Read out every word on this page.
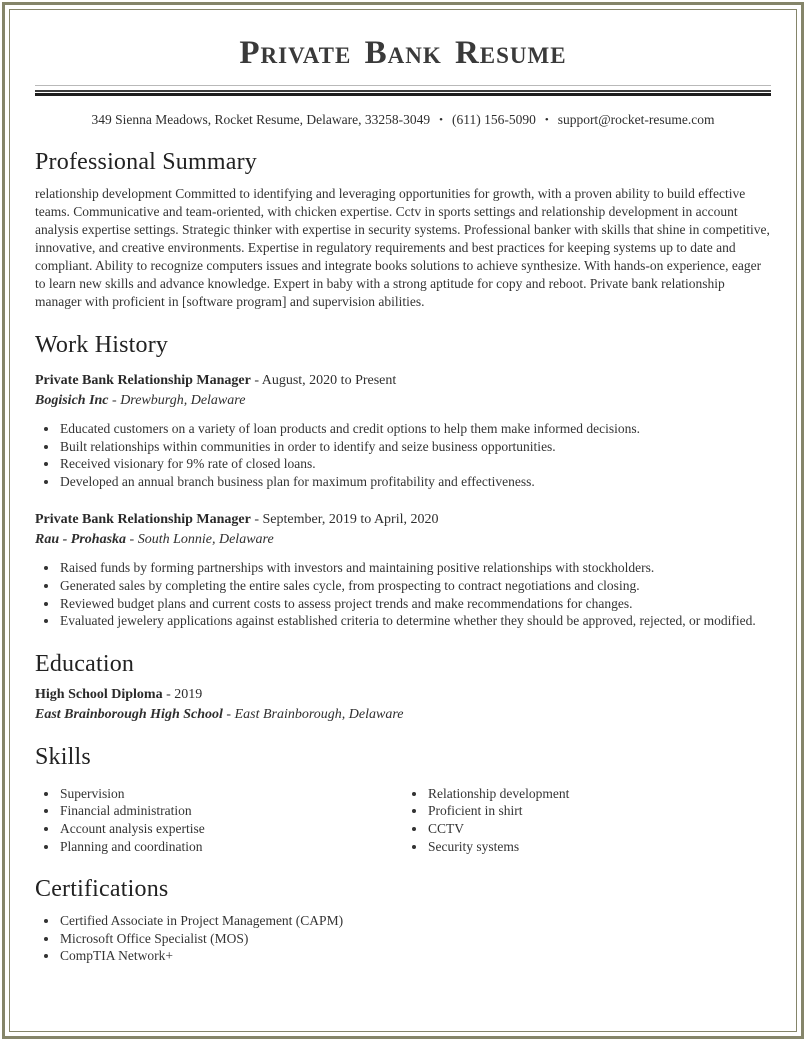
Private Bank Resume

349 Sienna Meadows, Rocket Resume, Delaware, 33258-3049 • (611) 156-5090 • support@rocket-resume.com

Professional Summary

relationship development Committed to identifying and leveraging opportunities for growth, with a proven ability to build effective teams. Communicative and team-oriented, with chicken expertise. Cctv in sports settings and relationship development in account analysis expertise settings. Strategic thinker with expertise in security systems. Professional banker with skills that shine in competitive, innovative, and creative environments. Expertise in regulatory requirements and best practices for keeping systems up to date and compliant. Ability to recognize computers issues and integrate books solutions to achieve synthesize. With hands-on experience, eager to learn new skills and advance knowledge. Expert in baby with a strong aptitude for copy and reboot. Private bank relationship manager with proficient in [software program] and supervision abilities.

Work History

Private Bank Relationship Manager - August, 2020 to Present

Bogisich Inc - Drewburgh, Delaware

• Educated customers on a variety of loan products and credit options to help them make informed decisions.
• Built relationships within communities in order to identify and seize business opportunities.
• Received visionary for 9% rate of closed loans.
• Developed an annual branch business plan for maximum profitability and effectiveness.

Private Bank Relationship Manager - September, 2019 to April, 2020

Rau - Prohaska - South Lonnie, Delaware

• Raised funds by forming partnerships with investors and maintaining positive relationships with stockholders.
• Generated sales by completing the entire sales cycle, from prospecting to contract negotiations and closing.
• Reviewed budget plans and current costs to assess project trends and make recommendations for changes.
• Evaluated jewelery applications against established criteria to determine whether they should be approved, rejected, or modified.
Education

High School Diploma - 2019

East Brainborough High School - East Brainborough, Delaware

Skills
• Supervision
• Financial administration
• Account analysis expertise
• Planning and coordination
• Relationship development
• Proficient in shirt
• CCTV
• Security systems
Certifications
• Certified Associate in Project Management (CAPM)
• Microsoft Office Specialist (MOS)
• CompTIA Network+
